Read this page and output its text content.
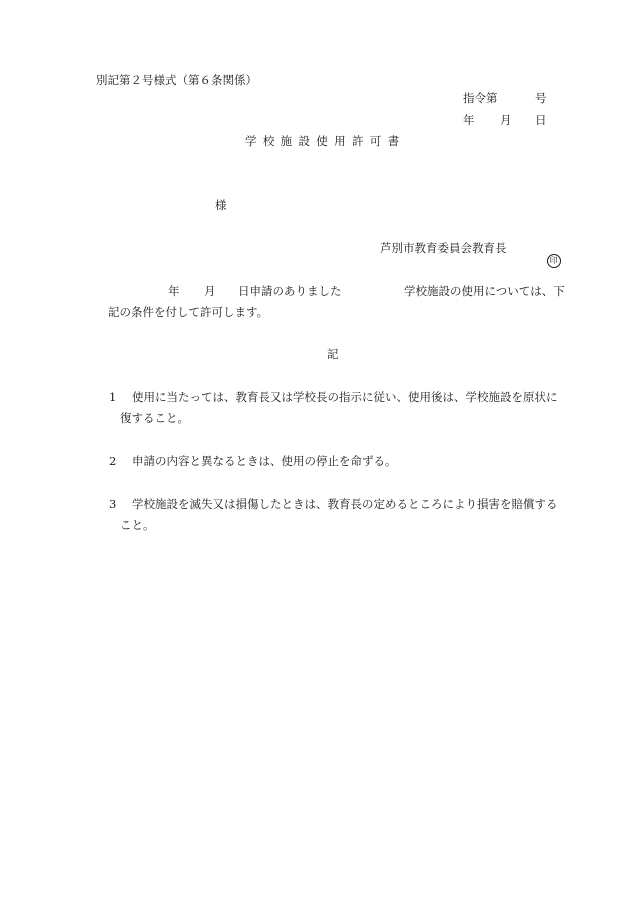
別記第２号様式（第６条関係）
指令第	号
年 月 日
学校施設使用許可書
様
芦別市教育委員会教育長

印

年 月 日申請のありました	学校施設の使用については、下
記の条件を付して許可します。
記
1 使用に当たっては、教育長又は学校長の指示に従い、使用後は、学校施設を原状に
復すること。
2 申請の内容と異なるときは、使用の停止を命ずる。
3 学校施設を滅失又は損傷したときは、教育長の定めるところにより損害を賠償する
こと。
